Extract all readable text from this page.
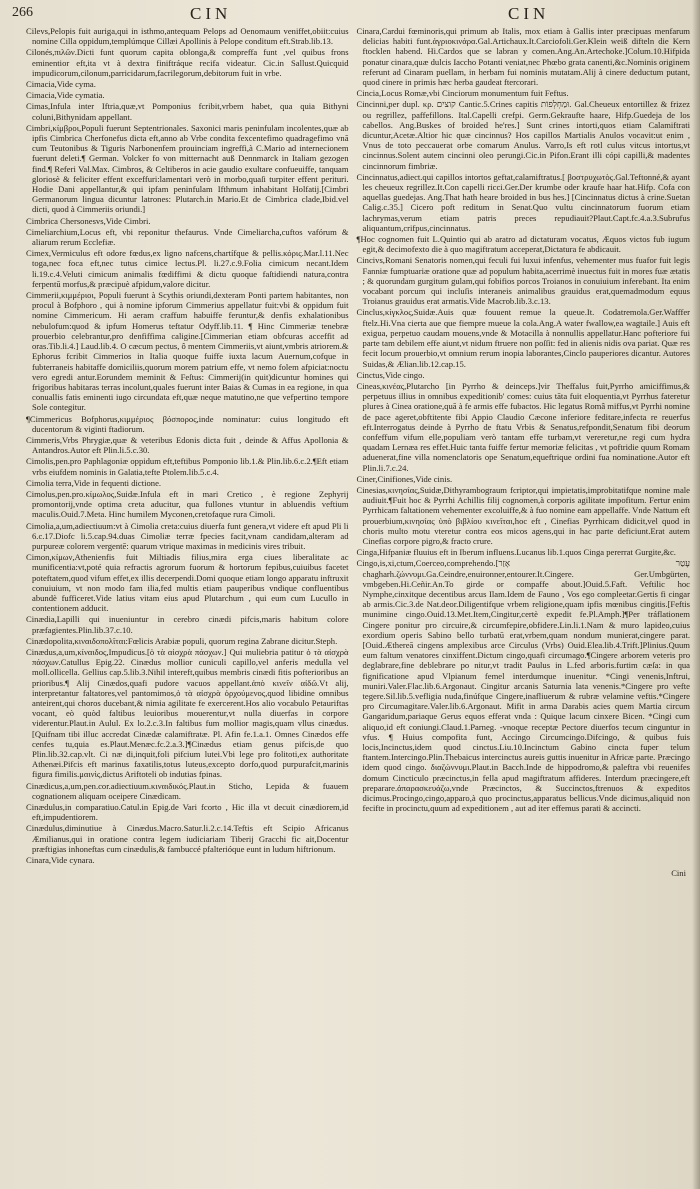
266	CIN	CIN

Cilevs,Pelopis fuit auriga,qui in isthmo,antequam Pelops ad Oenomaum veniffet,obiit:cuius nomine Cilla oppidum,templúmque Cillæi Apollinis à Pelope conditum eft.Strab.lib.13.

Cilonés,πιλῶν.Dicti funt quorum capita oblonga,& compreffa funt ,vel quibus frons eminentior eft,ita vt à dextra finiftráque recifa videatur. Cic.in Sallust.Quicquid impudicorum,cilonum,parricidarum,facrilegorum,debitorum fuit in vrbe.

Cimacia,Vide cyma.

Cimacia,Vide cymatia.

Cimas,Infula inter Iftria,quæ,vt Pomponius fcribit,vrbem habet, qua quia Bithyni coluni,Bithynidam appellant.

Cimbri,κίμβροι,Populi fuerunt Septentrionales. Saxonici maris peninfulam incolentes,quæ ab ipfis Cimbrica Cherfonefus dicta eft,anno ab Vrbe condita fexcentefimo quadragefimo vnā cum Teutonibus & Tiguris Narbonenfem prouinciam ingreffi,à C.Mario ad internecionem fuerunt deleti.¶ German. Volcker fo von mitternacht auß Dennmarck in Italiam gezogen find.¶ Referi Val.Max. Cimbros, & Celtiberos in acie gaudio exultare confueuiffe, tanquam gloriosè & feliciter effent exceffuri:lamentari verò in morbo,quaſi turpiter effent perituri. Hodie Dani appellantur,& qui ipfam peninfulam Ifthmum inhabitant Holfatij.[Cimbri Germanorum lingua dicuntur latrones: Plutarch.in Mario.Et de Cimbrica clade,Ibid.vel dicti, quod à Cimmeriis oriundi.]

Cimbrica Chersonesvs,Vide Cimbri.

Cimeliarchium,Locus eft, vbi reponitur thefaurus. Vnde Cimeliarcha,cuftos vafórum & aliarum rerum Ecclefiæ.

Cimex,Vermiculus eft odore fœdus,ex ligno nafcens,chartífque & pellis.κόρις.Mar.l.11.Nec toga,nec foca eft,nec tutus cimice lectus.Pl. li.27.c.9.Folia cimicum necant.Idem li.19.c.4.Veluti cimicum animalis fœdiffimi & dictu quoque faſtidiendi natura,contra ferpentū morfus,& præcipuè afpidum,valore dicitur.

Cimmerii,κιμμέριοι, Populi fuerunt à Scythis oriundi,dexteram Ponti partem habitantes, non procul à Bofphoro , qui à nomine ipforum Cimmerius appellatur fuit:vbi & oppidum fuit nomine Cimmericum. Hi aeram craffum habuiffe feruntur,& denfis exhalationibus nebulofum:quod & ipfum Homerus teftatur Odyff.lib.11. ¶ Hinc Cimmeriæ tenebræ prouerbio celebrantur,pro denfiffima caligine.[Cimmerian etiam obfcuras acceffit ad oras.Tib.li.4.] Laud.lib.4. O cæcum pectus, ô mentem Cimmeriis,vt aiunt,vmbris atriorem.& Ephorus fcribit Cimmerios in Italia quoque fuiffe iuxta lacum Auernum,cofque in fubterraneis habitaffe domiciliis,quorum morem patrium effe, vt nemo folem afpiciat:noctu vero egredi antur.Eorundem meminit & Feſtus: Cimmerij(in quit)dicuntur homines qui frigoribus habitaras terras incolunt,quales fuerunt inter Baias & Cumas in ea regione, in qua conuallis fatis eminenti iugo circundata eft,quæ neque matutino,ne que vefpertino tempore Sole contegitur.

¶Cimmericus Bofphorus,κιμμέριος βόσπορος,inde nominatur: cuius longitudo eft ducentorum & viginti ftadiorum.

Cimmeris,Vrbs Phrygiæ,quæ & veteribus Edonis dicta fuit , deinde & Affus Apollonia & Antandros.Autor eft Plin.li.5.c.30.

Cimolis,pen.pro Paphlagoniæ oppidum eft,teftibus Pomponio lib.1.& Plin.lib.6.c.2.¶Eft etiam vrbs eiufdem nominis in Galatia,tefte Ptolem.lib.5.c.4.

Cimolia terra,Vide in fequenti dictione.

Cimolus,pen.pro.κίμωλος,Suidæ.Infula eft in mari Cretico , è regione Zephyrij promontorij,vnde optima creta aducitur, qua fullones vtuntur in abluendis veftium maculis.Ouid.7.Meta. Hinc humilem Myconen,cretofaque rura Cimoli.

Cimolia,a,um,adiectiuum:vt à Cimolia creta:cuius diuerfa funt genera,vt videre eft apud Pli li 6.c.17.Diofc li.5.cap.94.duas Cimoliæ terræ fpecies facit,vnam candidam,alteram ad purpureæ colorem vergentē: quarum vtrique maximas in medicinis vires tribuit.

Cimon,κίμων,Athenienfis fuit Miltiadis filius,mira erga ciues liberalitate ac munificentia:vt,poté quia refractis agrorum fuorum & hortorum fepibus,cuiuibus facetet poteftatem,quod vifum effet,ex illis decerpendi.Domi quoque etiam longo apparatu inftruxit conuiuium, vt non modo fam ilia,fed multis etiam pauperibus vndique confluentibus abundè fufficeret.Vide latius vitam eius apud Plutarchum , qui eum cum Lucullo in contentionem adducit.

Cinædia,Lapilli qui inueniuntur in cerebro cinædi pifcis,maris habitum colore præfagientes.Plin.lib.37.c.10.

Cinædopolita,κιναιδοπολῖται:Fœlicis Arabiæ populi, quorum regina Zabrane dicitur.Steph.

Cinædus,a,um,κίναιδος,Impudicus.[ὁ τὰ αἰσχρὰ πάσχων.] Qui muliebria patitur ὁ τὰ αἰσχρὰ πάσχων.Catullus Epig.22. Cinædus mollior cuniculi capillo,vel anferis medulla vel moll.ollicella. Gellius cap.5.lib.3.Nihil intereft,quibus membris cinædi fitis pofterioribus an prioribus.¶ Alij Cinædos,quafi pudore vacuos appellant.ἀπὸ κινεῖν αἰδῶ.Vt alij, interpretantur faltatores,vel pantomimos,ὁ τὰ αἰσχρὰ ὀρχούμενος,quod libidine omnibus anteirent,qui choros ducebant,& nimia agilitate fe exercerent.Hos alio vocabulo Petauriftas vocant, eò quòd faltibus leuioribus mouerentur,vt nulla diuerfas in corpore viderentur.Plaut.in Aulul. Ex lo.2.c.3.In faltibus fum mollior magis,quam vllus cinædus.[Quifnam tibi illuc accredat Cinædæ calamiftratæ. Pl. Afin fe.1.a.1. Omnes Cinædos effe cenfes tu,quia es.Plaut.Menæc.fc.2.a.3.]¶Cinædus etiam genus pifcis,de quo Plin.lib.32.cap.vlt. Ci næ di,inquit,foli pifcium lutei.Vbi lege pro folitoti,ex authoritate Athenæi.Pifcis eft marinus faxatilis,totus luteus,excepto dorfo,quod purpurafcit,marinis figura fimilis.μαινὶς,dictus Ariftoteli ob indutias fpinas.

Cinædicus,a,um,pen.cor.adiectiuum.κιναιδικός.Plaut.in Sticho, Lepida & fuauem cognationem aliquam oceipere Cinædicam.

Cinædulus,in comparatiuo.Catul.in Epig.de Vari fcorto , Hic illa vt decuit cinædiorem,id eft,impudentiorem.

Cinædulus,diminutiue à Cinædus.Macro.Satur.li.2.c.14.Teftis eft Scipio Africanus Æmilianus,qui in oratione contra legem iudiciariam Tiberij Gracchi fic ait,Docentur præftigias inhoneftas cum cinædulis,& fambuccé pfalterióque eunt in ludum hiftrionum.

Cinara,Vide cynara.

Cinara,Cardui fœminoris,qui primum ab Italis, mox etiam à Gallis inter præcipuas menfarum delicias habiti funt.ἀγριοκινάρα.Gal.Artichaux.It.Carciofoli.Ger.Klein weiß difteln die Kern ftocklen habend. Hi.Cardos que se labran y comen.Ang.An.Artechoke.]Colum.10.Hifpida ponatur cinara,quæ dulcis Iaccho Potanti veniat,nec Phœbo grata canenti,&c.Nominis originem referunt ad Cinaram puellam, in herbam fui nominis mutatam.Alij à cinere deductum putant, quod cinere in primis hæc herba gaudeat ftercorari.

Cincia,Locus Romæ,vbi Cinciorum monumentum fuit Feftus.

Cincinni,per dupl. κρ. קוצים Cantic.5.Crines capitis וּמַחְלְפוֹת. Gal.Cheueux entortillez & frizez ou regrillez, paffefillons. Ital.Capelli crefpi. Germ.Gekraufte haare, Hifp.Guedeja de los cabellos. Ang.Buskes of broided he'res.] Sunt crines intorti,quos etiam Calamiftrati dicuntur,Acetæ.Altior hic quæ cincinnus? Hos capillos Martialis Anulos vocavit:ut enim , Vnus de toto peccauerat orbe comarum Anulus. Varro,Is eft rotl culus vitcus intortus,vt cincinnus.Solent autem cincinni oleo perungi.Cic.in Pifon.Erant illi cópi capilli,& madentes cincinnorum fimbriæ.

Cincinnatus,adiect.qui capillos intortos geftat,calamiftratus.[ βοστρυχωτὸς.Gal.Teftonné,& ayant les cheueux regrillez.It.Con capelli ricci.Ger.Der krumbe oder kraufe haar hat.Hifp. Cofa con aquellas guedejas. Ang.That hath heare broided in bus hes.] [Cincinnatus dictus à crine.Suetan Calig.c.35.] Cicero poft reditum in Senat.Quo vultu cincinnatorum fuorum etiam lachrymas,verum etiam patris preces repudiauit?Plaut.Capt.fc.4.a.3.Subrufus aliquantum,crifpus,cincinnatus.

¶Hoc cognomen fuit L.Quintio qui ab aratro ad dictaturam vocatus, Æquos victos fub iugum egit,& decimofexto die à quo magiftratum acceperat,Dictatura fe abdicauit.

Cincivs,Romani Senatoris nomen,qui feculi fui luxui infenfus, vehementer mus fuafor fuit legis Fanniæ fumptuariæ oratione quæ ad populum habita,acerrimè inuectus fuit in mores fuæ ætatis ; & quorundam gurgitum gulam,qui fobifios porcos Troianos in conuiuium inferebant. Ita enim vocabant porcum qui incluſis interaneis animalibus grauidus erat,quemadmodum equus Troianus grauidus erat armatis.Vide Macrob.lib.3.c.13.

Cinclus,κίγκλος,Suidæ.Auis quæ fouuent remue la queue.It. Codatremola.Ger.Wafffer ftelz.Hi.Vna cierta aue que fiempre mueue la cola.Ang.A water fwallow,ea wagtaile.] Auis eft exigua, perpetuo caudam mouens,vnde & Motacilla à nonnullis appellatur.Hanc pofteriore fui parte tam debilem effe aiunt,vt nidum ftruere non poſſit: fed in alienis nidis ova pariat. Quæ res fecit locum prouerbio,vt omnium rerum inopia laborantes,Cinclo pauperiores dicantur. Autores Suidas,& Ælian.lib.12.cap.15.

Cinctus,Vide cingo.

Cineas,κινέας,Plutarcho [in Pyrrho & deinceps.]vir Theffalus fuit,Pyrrho amiciffimus,& perpetuus illius in omnibus expeditionib' comes: cuius tāta fuit eloquentia,vt Pyrrhus fateretur plures à Cinea oratione,quā à fe armis effe fubactos. Hic legatus Româ miffus,vt Pyrrhi nomine de pace ageret,obftitente fibi Appio Claudio Cæcone inferiore feditare,infecta re reuerfus eft.Interrogatus deinde à Pyrrho de ftatu Vrbis & Senatus,refpondit,Senatum fibi deorum confeffum vifum elle,populiam verò tantam effe turbam,vt vereretur,ne regi cum hydra quadam Lernæa res effet.Huic tanta fuiffe fertur memoriæ felicitas , vt poftridie quum Romam aduenerat,fine villa nomenclatoris ope Senatum,equeftrique ordini fua nominatione.Autor eft Plin.li.7.c.24.

Ciner,Cinifiones,Vide cinis.

Cinesias,κινησίας,Suidæ,Dithyrambograum fcriptor,qui impietatis,improbitatifque nomine male audiuit.¶Fuit hoc & Pyrrhi Achillis filij cognomen,à corporis agilitate impofitum. Fertur enim Pyrrhicam faltationem vehementer excoluiffe,& à fuo nomine eam appellaffe. Vnde Nattum eft prouerbium,κινησίας ὑπὸ βιβλίου κινεῖται,hoc eft , Cinefias Pyrrhicam didicit,vel quod in choris multo motu vteretur contra eos micos agens,qui in hac parte deficiunt.Erat autem Cinefias corpore pigro,& fracto crure.

Cinga,Hifpaniæ fluuius eft in Iberum influens.Lucanus lib.1.quos Cinga pererrat Gurgite,&c.

Cingo,is,xi,ctum,Coerceo,comprehendo.[עָטַר אָזַר chagharh.ζώννυμι.Ga.Ceindre,enuironner,entourer.It.Cingere. Ger.Umbgürten, vmbgeben.Hi.Ceñir.An.To girde or compaffe about.]Ouid.5.Faft. Veftilic hoc Nymphe,cinxitque decentibus arcus Ilam.Idem de Fauno , Vos ego compleetar.Gertis fi cingar ab armis.Cic.3.de Nat.deor.Diligentifque vrbem religione,quam ipfis mœnibus cingitis.[Feftis munimine cingo.Ouid.13.Met.Item,Cingitur,certè expedit fe.Pl.Amph.]¶Per tráflationem Cingere ponitur pro circuire,& circumfepire,obfidere.Lin.li.1.Nam & muro lapideo,cuius exordium operis Sabino bello turbatū erat,vrbem,quam nondum munierat,cingere parat.[Ouid.Æthereā cingens amplexibus arce Circulus (Vrbs) Ouid.Elea.lib.4.Trift.]Plinius.Quum eum faltum venatores cinxiffent.Dictum cingo,quafi circumago.¶Cingere arborem veteris pro deglabrare,fine deblebrare po nitur,vt tradit Paulus in L.fed arboris.furtim cæſa: in qua fignificatione apud Vlpianum femel interdumque inuenitur. *Cingi venenis,Inftrui, muniri.Valer.Flac.lib.6.Argonaut. Cingitur arcanis Saturnia lata venenis.*Cingere pro vefte tegere.Sil.lib.5.vefligia nuda,finúfque Cingere,inafliuerum & rubræ velamine veftis.*Cingere pro Circumagitare.Valer.lib.6.Argonaut. Mifit in arma Darabis acies quem Martia circum Gangaridum,pariaque Gerus equos efferat vnda : Quique lacum cinxere Bicen. *Cingi cum aliquo,id eft coniungi.Claud.1.Parneg. -vnoque receptæ Pectore diuerfos tecum cinguntur in vfus. ¶ Huius compofita funt, Accingo Circumcingo.Difcingo, & quibus fuis locis,Incinctus,idem quod cinctus.Liu.10.Incinctum Gabino cincta fuper telum ftantem.Intercingo.Plin.Thebaicus intercinctus aureis guttis inuenitur in Africæ parte. Præcingo idem quod cingo. διαζώννυμι.Plaut.in Bacch.Inde de hippodromo,& paleftra vbi reuenifes domum Cincticulo præcinctus,in fella apud magiftratum affideres. Interdum præcingere,eft preparare.ἀπαρασκευάζω,vnde Præcinctos, & Succinctos,ftrenuos & expeditos dicimus.Procingo,cingo,apparo,à quo procinctus,apparatus bellicus.Vnde dicimus,aliquid non fecifte in procinctu,quum ad expeditionem , aut ad iter effemus parati & accincti.

Cini
